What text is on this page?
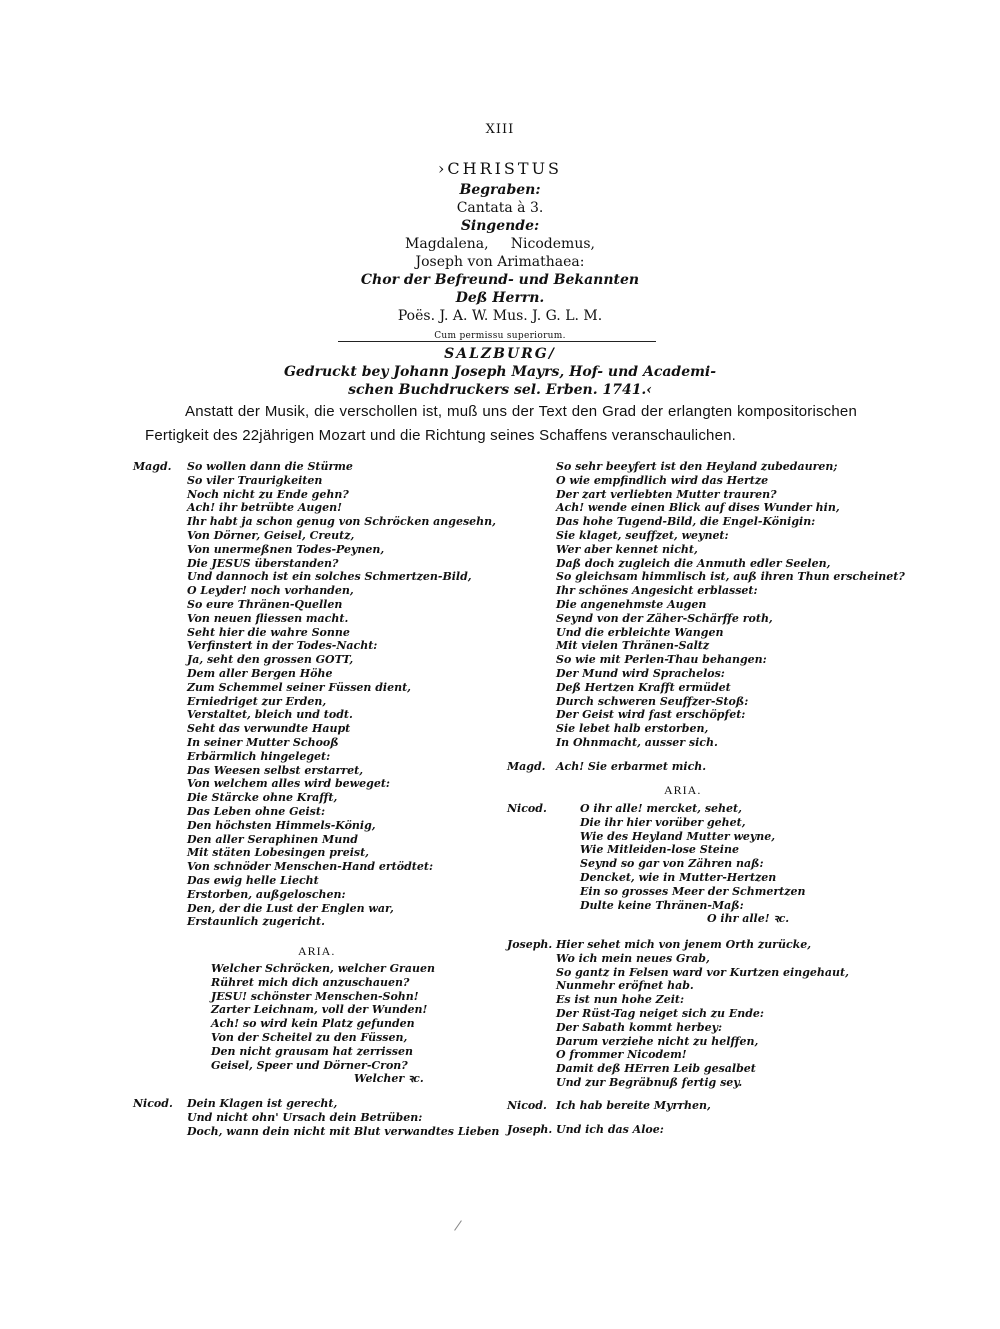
XIII
›CHRISTUS
Begraben:
Cantata à 3.
Singende:
Magdalena,     Nicodemus,
Joseph von Arimathaea:
Chor der Befreund- und Bekannten
Deß Herrn.
Poës. J. A. W. Mus. J. G. L. M.
Cum permissu superiorum.
SALZBURG/
Gedruckt bey Johann Joseph Mayrs, Hof- und Academi-
schen Buchdruckers sel. Erben. 1741.‹
Anstatt der Musik, die verschollen ist, muß uns der Text den Grad der erlangten kompositorischen Fertigkeit des 22jährigen Mozart und die Richtung seines Schaffens veranschaulichen.
Magd. So wollen dann die Stürme
So viler Traurigkeiten
Noch nicht zu Ende gehn?
Ach! ihr betrübte Augen!
Ihr habt ja schon genug von Schröcken angesehn,
Von Dörner, Geisel, Creutz,
Von unermeßnen Todes-Peynen,
Die JESUS überstanden?
Und dannoch ist ein solches Schmertzen-Bild,
O Leyder! noch vorhanden,
So eure Thränen-Quellen
Von neuen fliessen macht.
Seht hier die wahre Sonne
Verfinstert in der Todes-Nacht:
Ja, seht den grossen GOTT,
Dem aller Bergen Höhe
Zum Schemmel seiner Füssen dient,
Erniedriget zur Erden,
Verstaltet, bleich und todt.
Seht das verwundte Haupt
In seiner Mutter Schooß
Erbärmlich hingeleget:
Das Weesen selbst erstarret,
Von welchem alles wird beweget:
Die Stärcke ohne Krafft,
Das Leben ohne Geist:
Den höchsten Himmels-König,
Den aller Seraphinen Mund
Mit stäten Lobesingen preist,
Von schnöder Menschen-Hand ertödtet:
Das ewig helle Liecht
Erstorben, außgeloschen:
Den, der die Lust der Englen war,
Erstaunlich zugericht.
ARIA.
Welcher Schröcken, welcher Grauen
Rühret mich dich anzuschauen?
JESU! schönster Menschen-Sohn!
Zarter Leichnam, voll der Wunden!
Ach! so wird kein Platz gefunden
Von der Scheitel zu den Füssen,
Den nicht grausam hat zerrissen
Geisel, Speer und Dörner-Cron?
Welcher ꝛc.
Nicod. Dein Klagen ist gerecht,
Und nicht ohn' Ursach dein Betrüben:
Doch, wann dein nicht mit Blut verwandtes Lieben
So sehr beeyfert ist den Heyland zubedauren;
O wie empfindlich wird das Hertze
Der zart verliebten Mutter trauren?
Ach! wende einen Blick auf dises Wunder hin,
Das hohe Tugend-Bild, die Engel-Königin:
Sie klaget, seuffzet, weynet:
Wer aber kennet nicht,
Daß doch zugleich die Anmuth edler Seelen,
So gleichsam himmlisch ist, auß ihren Thun erscheinet?
Ihr schönes Angesicht erblasset:
Die angenehmste Augen
Seynd von der Zäher-Schärffe roth,
Und die erbleichte Wangen
Mit vielen Thränen-Saltz
So wie mit Perlen-Thau behangen:
Der Mund wird Sprachelos:
Deß Hertzen Krafft ermüdet
Durch schweren Seuffzer-Stoß:
Der Geist wird fast erschöpfet:
Sie lebet halb erstorben,
In Ohnmacht, ausser sich.
Magd. Ach! Sie erbarmet mich.
ARIA.
Nicod.	O ihr alle! mercket, sehet,
Die ihr hier vorüber gehet,
Wie des Heyland Mutter weyne,
Wie Mitleiden-lose Steine
Seynd so gar von Zähren naß:
Dencket, wie in Mutter-Hertzen
Ein so grosses Meer der Schmertzen
Dulte keine Thränen-Maß:
O ihr alle! ꝛc.
Joseph. Hier sehet mich von jenem Orth zurücke,
Wo ich mein neues Grab,
So gantz in Felsen ward vor Kurtzen eingehaut,
Nunmehr eröfnet hab.
Es ist nun hohe Zeit:
Der Rüst-Tag neiget sich zu Ende:
Der Sabath kommt herbey:
Darum verziehe nicht zu helffen,
O frommer Nicodem!
Damit deß HErren Leib gesalbet
Und zur Begräbnuß fertig sey.
Nicod. Ich hab bereite Myrrhen,
Joseph. Und ich das Aloe:
